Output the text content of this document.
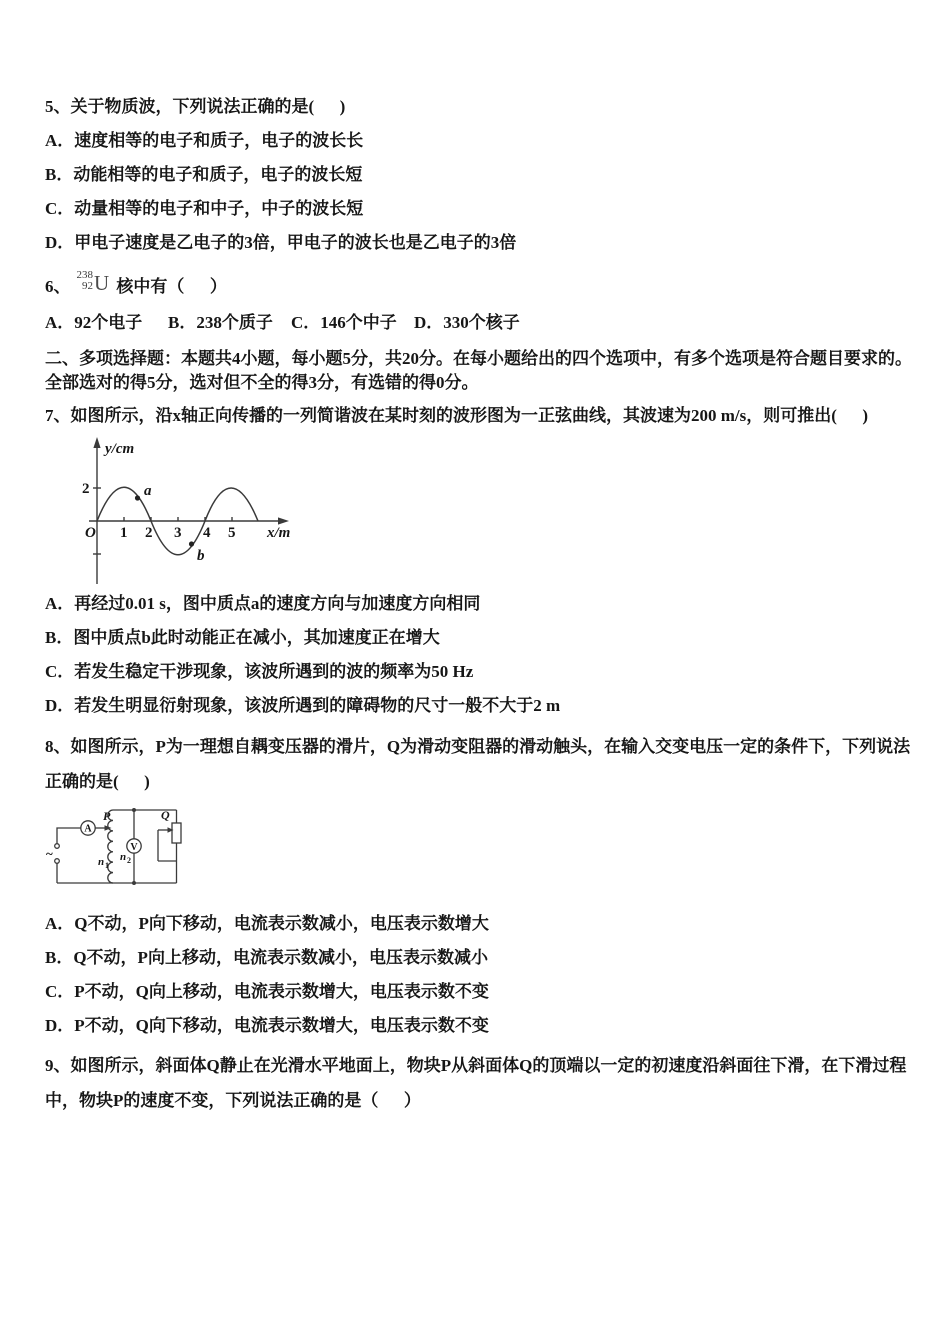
5、关于物质波，下列说法正确的是(      )
A．速度相等的电子和质子，电子的波长长
B．动能相等的电子和质子，电子的波长短
C．动量相等的电子和中子，中子的波长短
D．甲电子速度是乙电子的3倍，甲电子的波长也是乙电子的3倍
6、
238
92 U 核中有（      ）
A．92个电子	B．238个质子	C．146个中子	D．330个核子
二、多项选择题：本题共4小题，每小题5分，共20分。在每小题给出的四个选项中，有多个选项是符合题目要求的。全部选对的得5分，选对但不全的得3分，有选错的得0分。
7、如图所示，沿x轴正向传播的一列简谐波在某时刻的波形图为一正弦曲线，其波速为200 m/s，则可推出(      )
y/cm
x/m
2
O 1 2 3 4 5
a
b
A．再经过0.01 s，图中质点a的速度方向与加速度方向相同
B．图中质点b此时动能正在减小，其加速度正在增大
C．若发生稳定干涉现象，该波所遇到的波的频率为50 Hz
D．若发生明显衍射现象，该波所遇到的障碍物的尺寸一般不大于2 m
8、如图所示，P为一理想自耦变压器的滑片，Q为滑动变阻器的滑动触头，在输入交变电压一定的条件下，下列说法正确的是(      )
A
V
P	Q
n 1
n 2
~
A．Q不动，P向下移动，电流表示数减小，电压表示数增大
B．Q不动，P向上移动，电流表示数减小，电压表示数减小
C．P不动，Q向上移动，电流表示数增大，电压表示数不变
D．P不动，Q向下移动，电流表示数增大，电压表示数不变
9、如图所示，斜面体Q静止在光滑水平地面上，物块P从斜面体Q的顶端以一定的初速度沿斜面往下滑，在下滑过程中，物块P的速度不变，下列说法正确的是（      ）
